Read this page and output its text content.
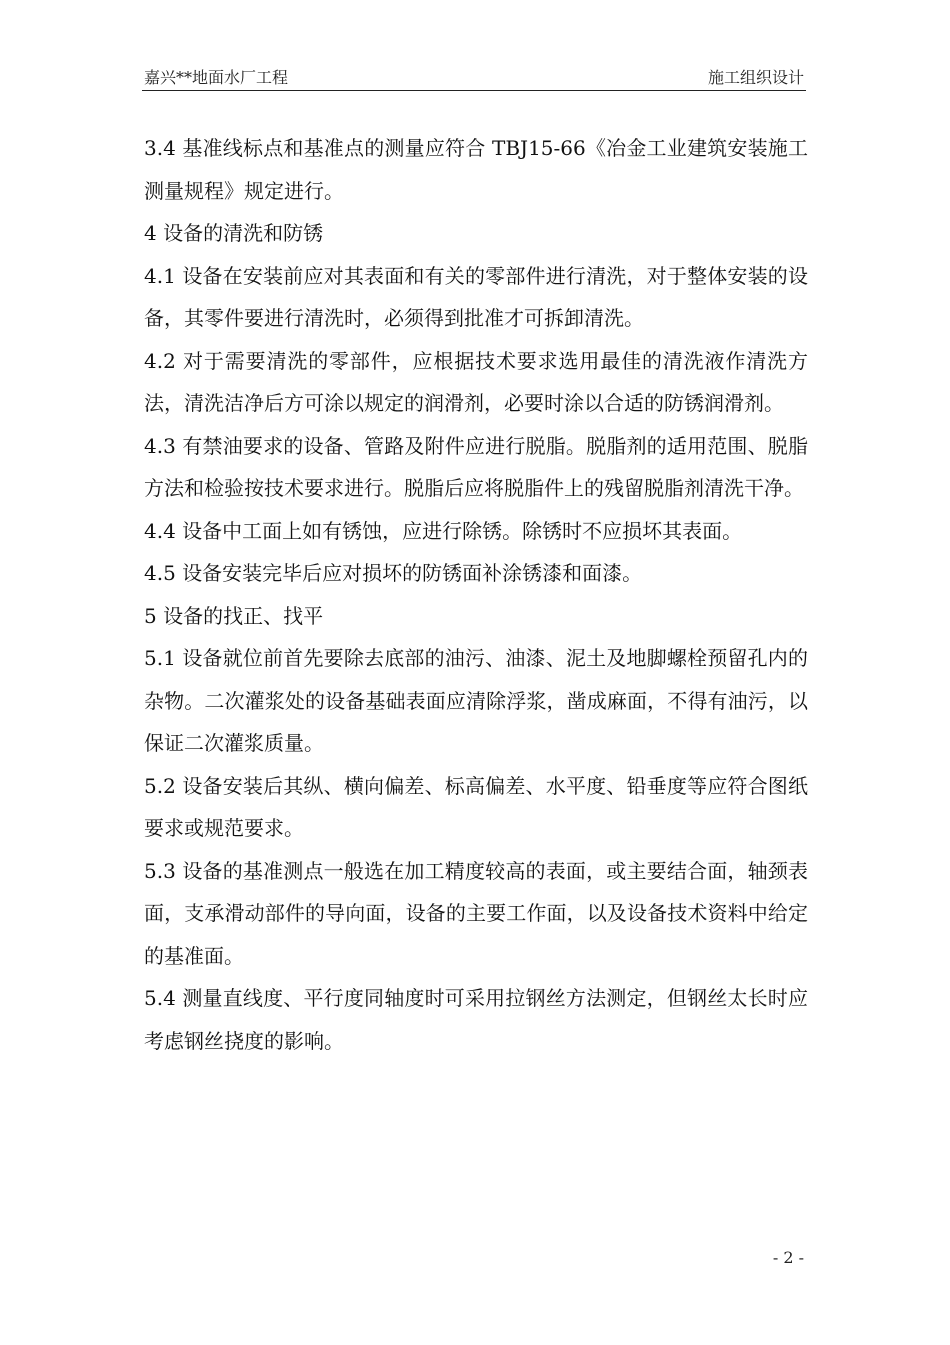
嘉兴**地面水厂工程	施工组织设计

3.4 基准线标点和基准点的测量应符合 TBJ15-66《冶金工业建筑安装施工测量规程》规定进行。

4 设备的清洗和防锈

4.1 设备在安装前应对其表面和有关的零部件进行清洗，对于整体安装的设备，其零件要进行清洗时，必须得到批准才可拆卸清洗。

4.2 对于需要清洗的零部件，应根据技术要求选用最佳的清洗液作清洗方法，清洗洁净后方可涂以规定的润滑剂，必要时涂以合适的防锈润滑剂。

4.3 有禁油要求的设备、管路及附件应进行脱脂。脱脂剂的适用范围、脱脂方法和检验按技术要求进行。脱脂后应将脱脂件上的残留脱脂剂清洗干净。

4.4 设备中工面上如有锈蚀，应进行除锈。除锈时不应损坏其表面。

4.5 设备安装完毕后应对损坏的防锈面补涂锈漆和面漆。

5 设备的找正、找平

5.1 设备就位前首先要除去底部的油污、油漆、泥土及地脚螺栓预留孔内的杂物。二次灌浆处的设备基础表面应清除浮浆，凿成麻面，不得有油污，以保证二次灌浆质量。

5.2 设备安装后其纵、横向偏差、标高偏差、水平度、铅垂度等应符合图纸要求或规范要求。

5.3 设备的基准测点一般选在加工精度较高的表面，或主要结合面，轴颈表面，支承滑动部件的导向面，设备的主要工作面，以及设备技术资料中给定的基准面。

5.4 测量直线度、平行度同轴度时可采用拉钢丝方法测定，但钢丝太长时应考虑钢丝挠度的影响。

- 2 -
